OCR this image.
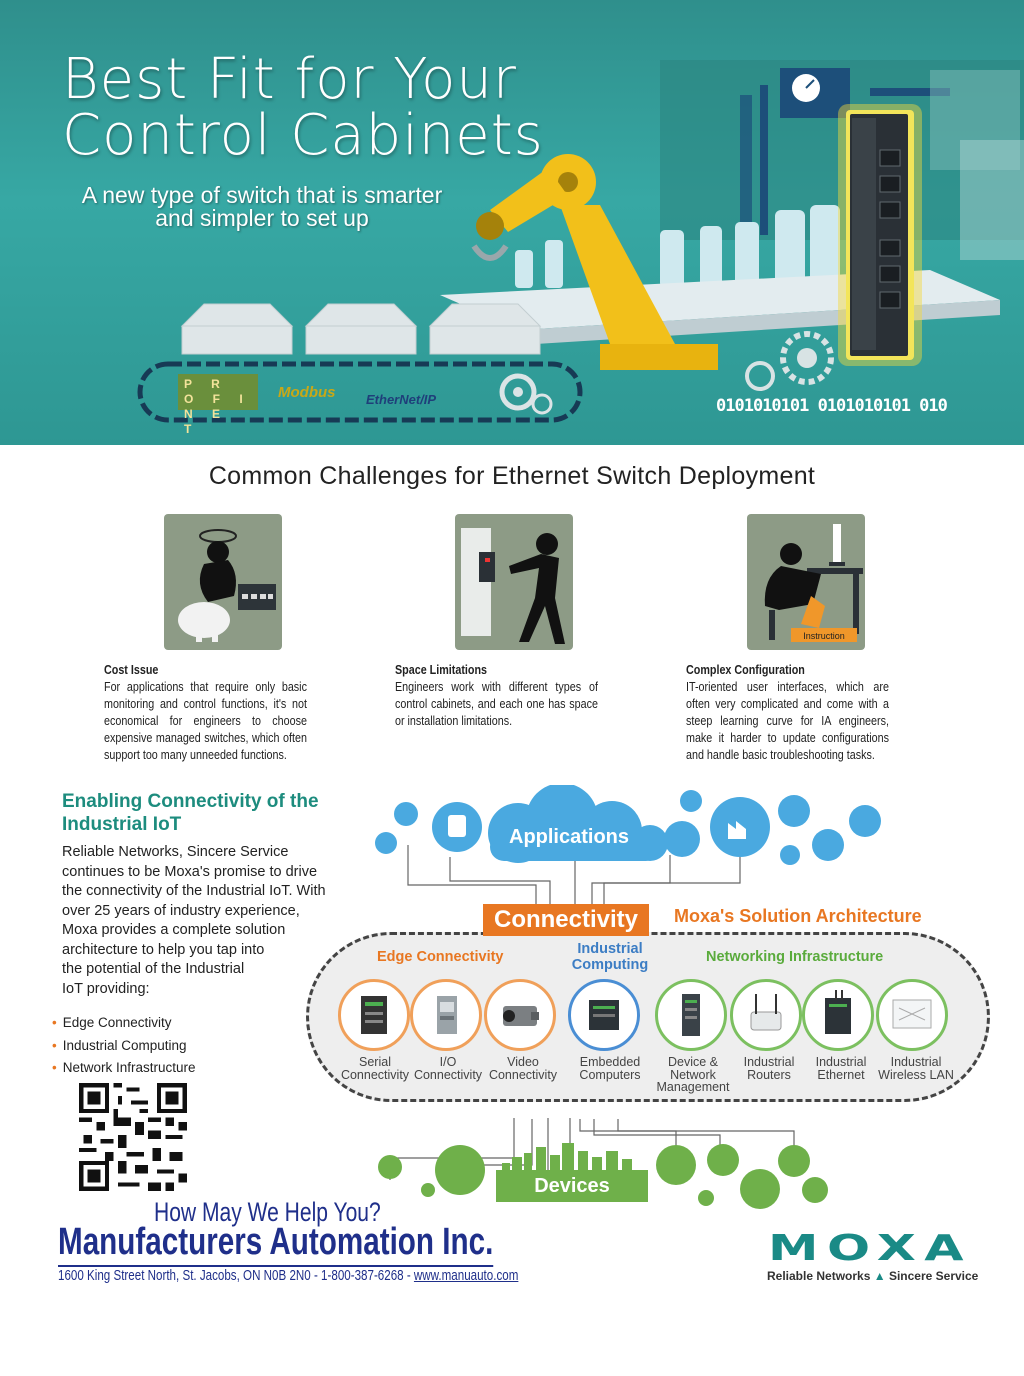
Best Fit for Your
Control Cabinets
A new type of switch that is smarter
and simpler to set up
P R O F I
N E T
Modbus EtherNet/IP	0101010101 0101010101 010
Common Challenges for Ethernet Switch Deployment
Instruction
Cost Issue
For applications that require only basic monitoring and control functions, it's not economical for engineers to choose expensive managed switches, which often support too many unneeded functions.
Space Limitations
Engineers work with different types of control cabinets, and each one has space or installation limitations.
Complex Configuration
IT-oriented user interfaces, which are often very complicated and come with a steep learning curve for IA engineers, make it harder to update configurations and handle basic troubleshooting tasks.
Enabling Connectivity of the Industrial IoT
Reliable Networks, Sincere Service
continues to be Moxa's promise to drive
the connectivity of the Industrial IoT. With
over 25 years of industry experience,
Moxa provides a complete solution
architecture to help you tap into
the potential of the Industrial
IoT providing:
• Edge Connectivity
• Industrial Computing
• Network Infrastructure
Applications
Connectivity	Moxa's Solution Architecture
Edge Connectivity	Industrial Computing	Networking Infrastructure
Serial
Connectivity
I/O
Connectivity
Video
Connectivity
Embedded
Computers
Device &
Network
Management
Industrial
Routers
Industrial
Ethernet
Industrial
Wireless LAN
Devices
How May We Help You?
Manufacturers Automation Inc.
1600 King Street North, St. Jacobs, ON N0B 2N0 - 1-800-387-6268 - www.manuauto.com
MOXA
Reliable Networks ▲ Sincere Service
